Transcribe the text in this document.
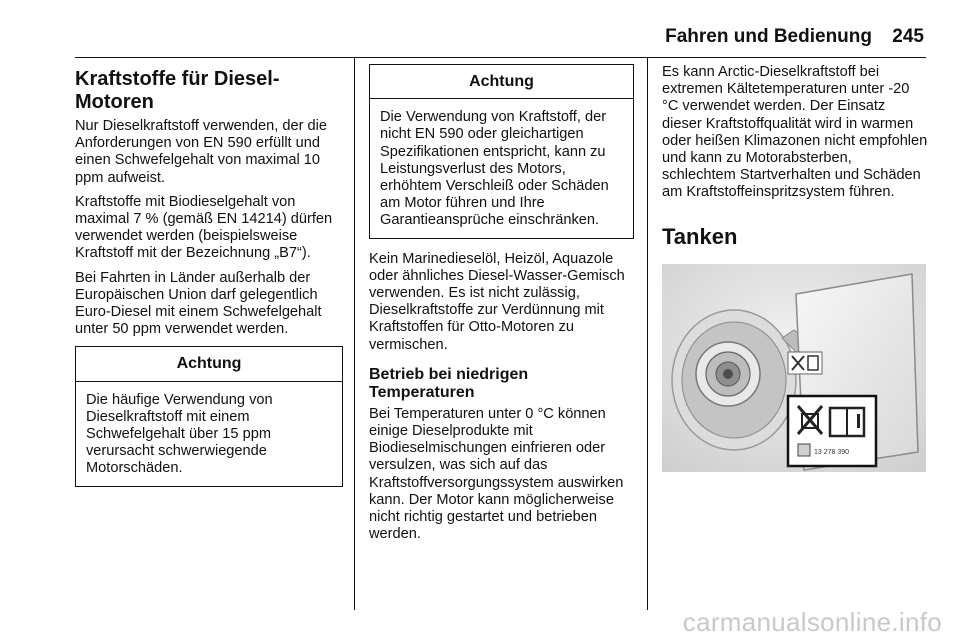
Fahren und Bedienung 245
Kraftstoffe für Diesel-Motoren

Nur Dieselkraftstoff verwenden, der die Anforderungen von EN 590 erfüllt und einen Schwefelgehalt von maximal 10 ppm aufweist.

Kraftstoffe mit Biodieselgehalt von maximal 7 % (gemäß EN 14214) dürfen verwendet werden (beispielsweise Kraftstoff mit der Bezeichnung „B7“).

Bei Fahrten in Länder außerhalb der Europäischen Union darf gelegentlich Euro-Diesel mit einem Schwefelgehalt unter 50 ppm verwendet werden.

Achtung
Die häufige Verwendung von Dieselkraftstoff mit einem Schwefelgehalt über 15 ppm verursacht schwerwiegende Motorschäden.
Achtung
Die Verwendung von Kraftstoff, der nicht EN 590 oder gleichartigen Spezifikationen entspricht, kann zu Leistungsverlust des Motors, erhöhtem Verschleiß oder Schäden am Motor führen und Ihre Garantieansprüche einschränken.

Kein Marinedieselöl, Heizöl, Aquazole oder ähnliches Diesel-Wasser-Gemisch verwenden. Es ist nicht zulässig, Dieselkraftstoffe zur Verdünnung mit Kraftstoffen für Otto-Motoren zu vermischen.

Betrieb bei niedrigen Temperaturen

Bei Temperaturen unter 0 °C können einige Dieselprodukte mit Biodieselmischungen einfrieren oder versulzen, was sich auf das Kraftstoffversorgungssystem auswirken kann. Der Motor kann möglicherweise nicht richtig gestartet und betrieben werden.

Es kann Arctic-Dieselkraftstoff bei extremen Kältetemperaturen unter -20 °C verwendet werden. Der Einsatz dieser Kraftstoffqualität wird in warmen oder heißen Klimazonen nicht empfohlen und kann zu Motorabsterben, schlechtem Startverhalten und Schäden am Kraftstoffeinspritzsystem führen.

Tanken
13 278 390
carmanualsonline.info
